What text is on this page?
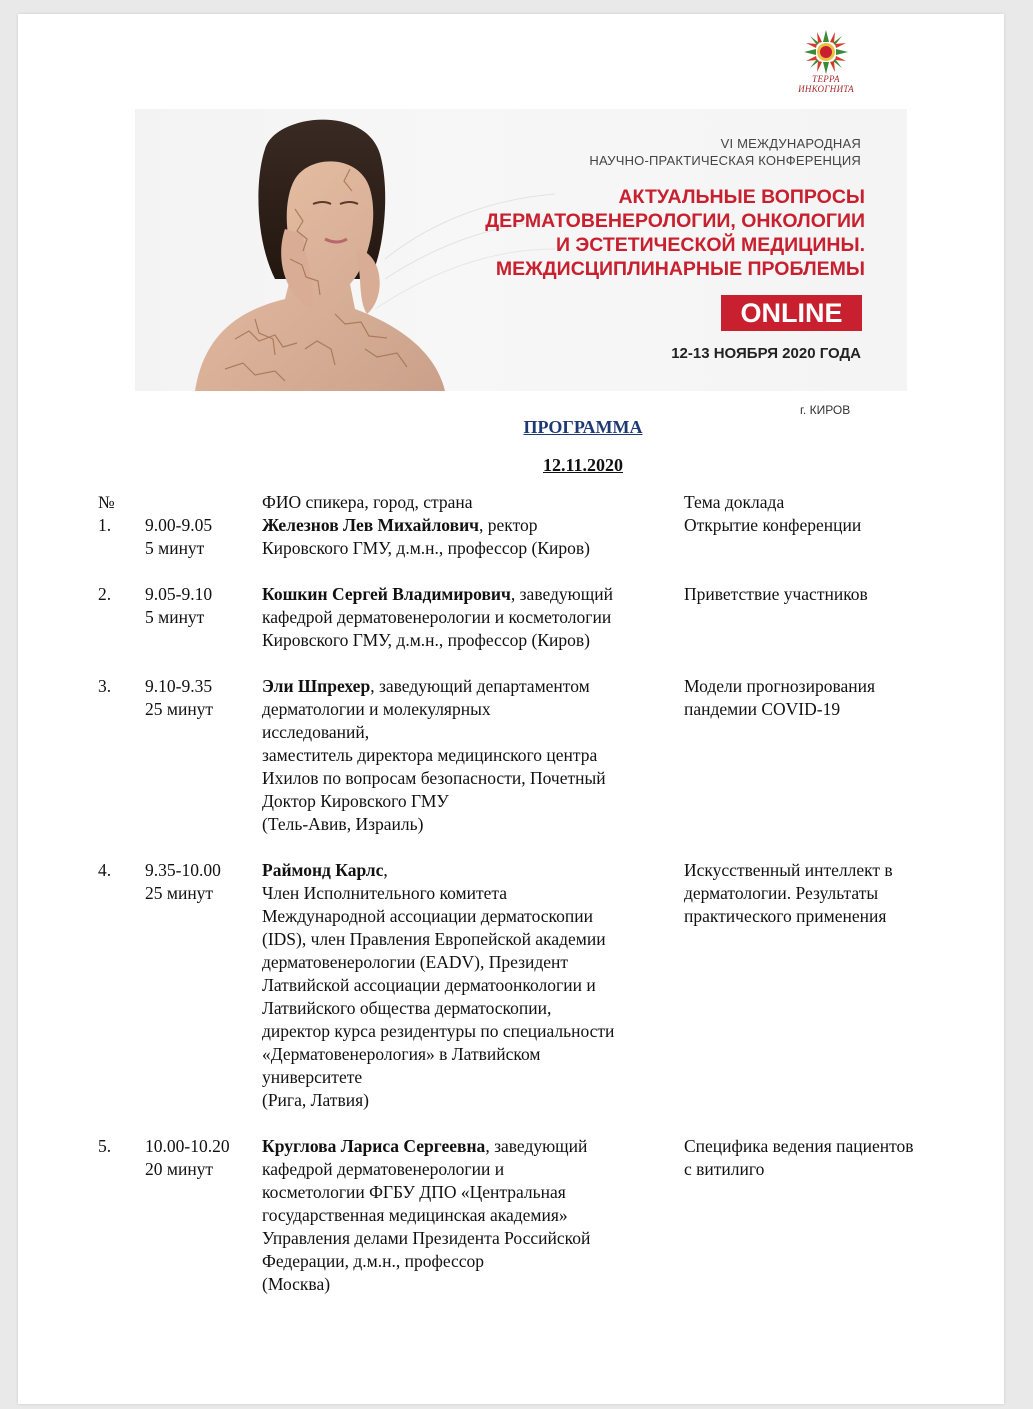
ТЕРРА
ИНКОГНИТА
VI МЕЖДУНАРОДНАЯ
НАУЧНО-ПРАКТИЧЕСКАЯ КОНФЕРЕНЦИЯ
АКТУАЛЬНЫЕ ВОПРОСЫ
ДЕРМАТОВЕНЕРОЛОГИИ, ОНКОЛОГИИ
И ЭСТЕТИЧЕСКОЙ МЕДИЦИНЫ.
МЕЖДИСЦИПЛИНАРНЫЕ ПРОБЛЕМЫ
ONLINE
12-13 НОЯБРЯ 2020 ГОДА
г. КИРОВ
ПРОГРАММА
12.11.2020
№	ФИО спикера, город, страна	Тема доклада
1. 9.00-9.05
5 минут
Железнов Лев Михайлович, ректор
Кировского ГМУ, д.м.н., профессор (Киров)
Открытие конференции
2. 9.05-9.10
5 минут
Кошкин Сергей Владимирович, заведующий
кафедрой дерматовенерологии и косметологии
Кировского ГМУ, д.м.н., профессор (Киров)
Приветствие участников
3. 9.10-9.35
25 минут
Эли Шпрехер, заведующий департаментом
дерматологии и молекулярных
исследований,
заместитель директора медицинского центра
Ихилов по вопросам безопасности, Почетный
Доктор Кировского ГМУ
(Тель-Авив, Израиль)
Модели прогнозирования
пандемии COVID-19
4. 9.35-10.00
25 минут
Раймонд Карлс,
Член Исполнительного комитета
Международной ассоциации дерматоскопии
(IDS), член Правления Европейской академии
дерматовенерологии (EADV), Президент
Латвийской ассоциации дерматоонкологии и
Латвийского общества дерматоскопии,
директор курса резидентуры по специальности
«Дерматовенерология» в Латвийском
университете
(Рига, Латвия)
Искусственный интеллект в
дерматологии. Результаты
практического применения
5. 10.00-10.20
20 минут
Круглова Лариса Сергеевна, заведующий
кафедрой дерматовенерологии и
косметологии ФГБУ ДПО «Центральная
государственная медицинская академия»
Управления делами Президента Российской
Федерации, д.м.н., профессор
(Москва)
Специфика ведения пациентов
с витилиго
